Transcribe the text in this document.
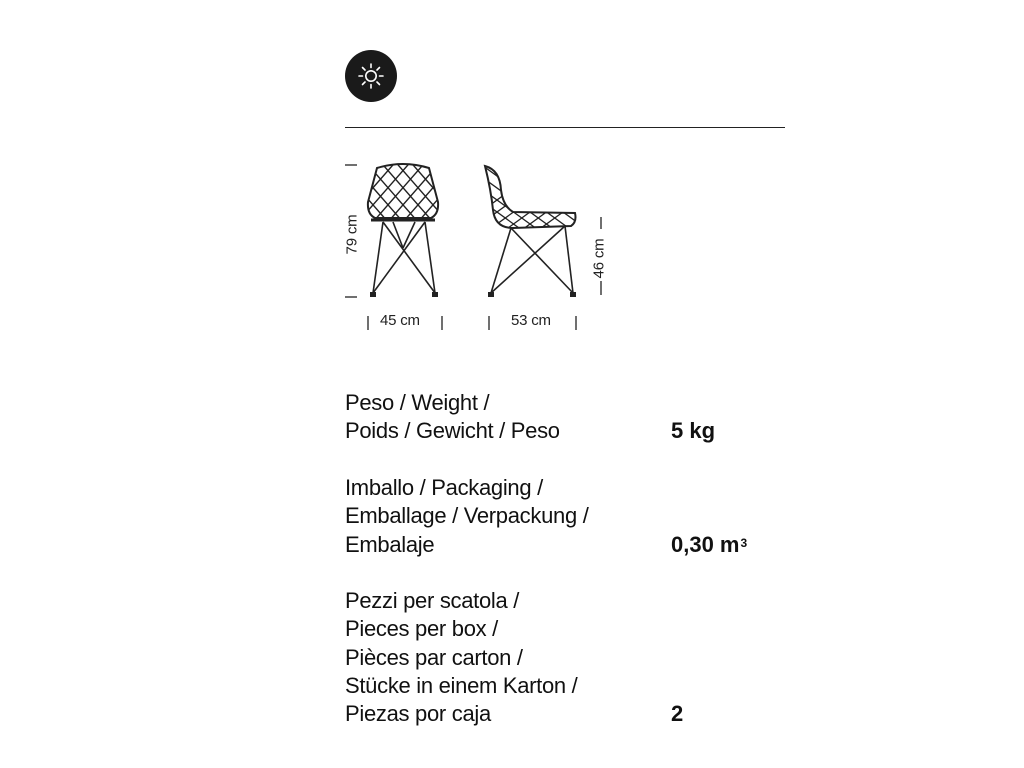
79 cm
46 cm
45 cm	53 cm
Peso / Weight /
Poids / Gewicht / Peso	5 kg
Imballo / Packaging /
Emballage / Verpackung /
Embalaje	0,30 $m^3$
Pezzi per scatola /
Pieces per box /
Pièces par carton /
Stücke in einem Karton /
Piezas por caja	2
